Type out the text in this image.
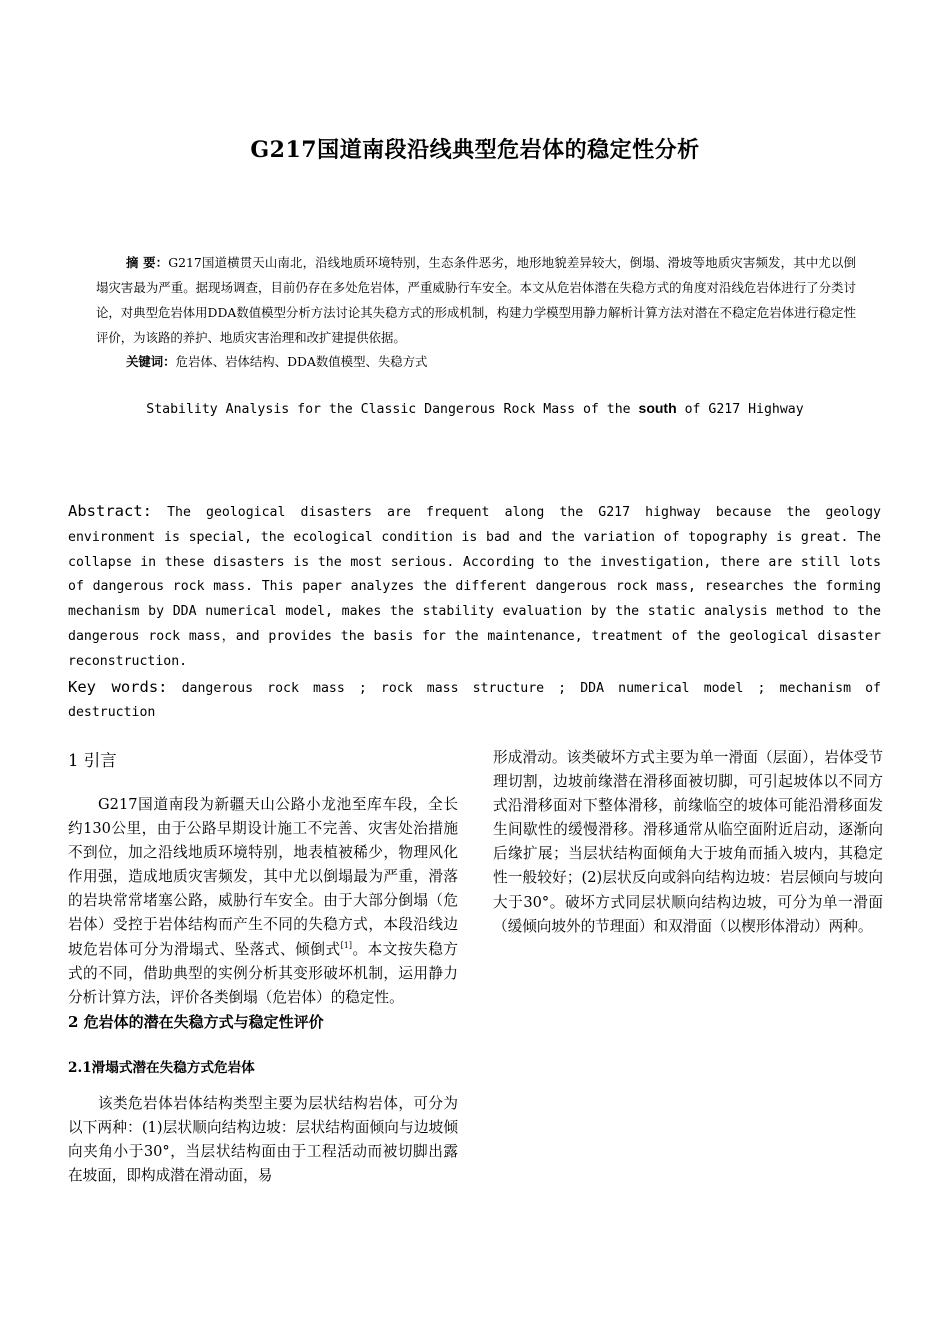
G217国道南段沿线典型危岩体的稳定性分析
摘 要：G217国道横贯天山南北，沿线地质环境特别，生态条件恶劣，地形地貌差异较大，倒塌、滑坡等地质灾害频发，其中尤以倒塌灾害最为严重。据现场调查，目前仍存在多处危岩体，严重威胁行车安全。本文从危岩体潜在失稳方式的角度对沿线危岩体进行了分类讨论，对典型危岩体用DDA数值模型分析方法讨论其失稳方式的形成机制，构建力学模型用静力解析计算方法对潜在不稳定危岩体进行稳定性评价，为该路的养护、地质灾害治理和改扩建提供依据。
关键词：危岩体、岩体结构、DDA数值模型、失稳方式
Stability Analysis for the Classic Dangerous Rock Mass of the south of G217 Highway
Abstract: The geological disasters are frequent along the G217 highway because the geology environment is special, the ecological condition is bad and the variation of topography is great. The collapse in these disasters is the most serious. According to the investigation, there are still lots of dangerous rock mass. This paper analyzes the different dangerous rock mass, researches the forming mechanism by DDA numerical model, makes the stability evaluation by the static analysis method to the dangerous rock mass，and provides the basis for the maintenance, treatment of the geological disaster reconstruction.
Key words: dangerous rock mass ; rock mass structure ; DDA numerical model ; mechanism of destruction
1 引言

G217国道南段为新疆天山公路小龙池至库车段，全长约130公里，由于公路早期设计施工不完善、灾害处治措施不到位，加之沿线地质环境特别，地表植被稀少，物理风化作用强，造成地质灾害频发，其中尤以倒塌最为严重，滑落的岩块常常堵塞公路，威胁行车安全。由于大部分倒塌（危岩体）受控于岩体结构而产生不同的失稳方式，本段沿线边坡危岩体可分为滑塌式、坠落式、倾倒式[1]。本文按失稳方式的不同，借助典型的实例分析其变形破坏机制，运用静力分析计算方法，评价各类倒塌（危岩体）的稳定性。

2 危岩体的潜在失稳方式与稳定性评价
2.1滑塌式潜在失稳方式危岩体

该类危岩体岩体结构类型主要为层状结构岩体，可分为以下两种：(1)层状顺向结构边坡：层状结构面倾向与边坡倾向夹角小于30°，当层状结构面由于工程活动而被切脚出露在坡面，即构成潜在滑动面，易

形成滑动。该类破坏方式主要为单一滑面（层面），岩体受节理切割，边坡前缘潜在滑移面被切脚，可引起坡体以不同方式沿滑移面对下整体滑移，前缘临空的坡体可能沿滑移面发生间歇性的缓慢滑移。滑移通常从临空面附近启动，逐渐向后缘扩展；当层状结构面倾角大于坡角而插入坡内，其稳定性一般较好；(2)层状反向或斜向结构边坡：岩层倾向与坡向大于30°。破坏方式同层状顺向结构边坡，可分为单一滑面（缓倾向坡外的节理面）和双滑面（以楔形体滑动）两种。
